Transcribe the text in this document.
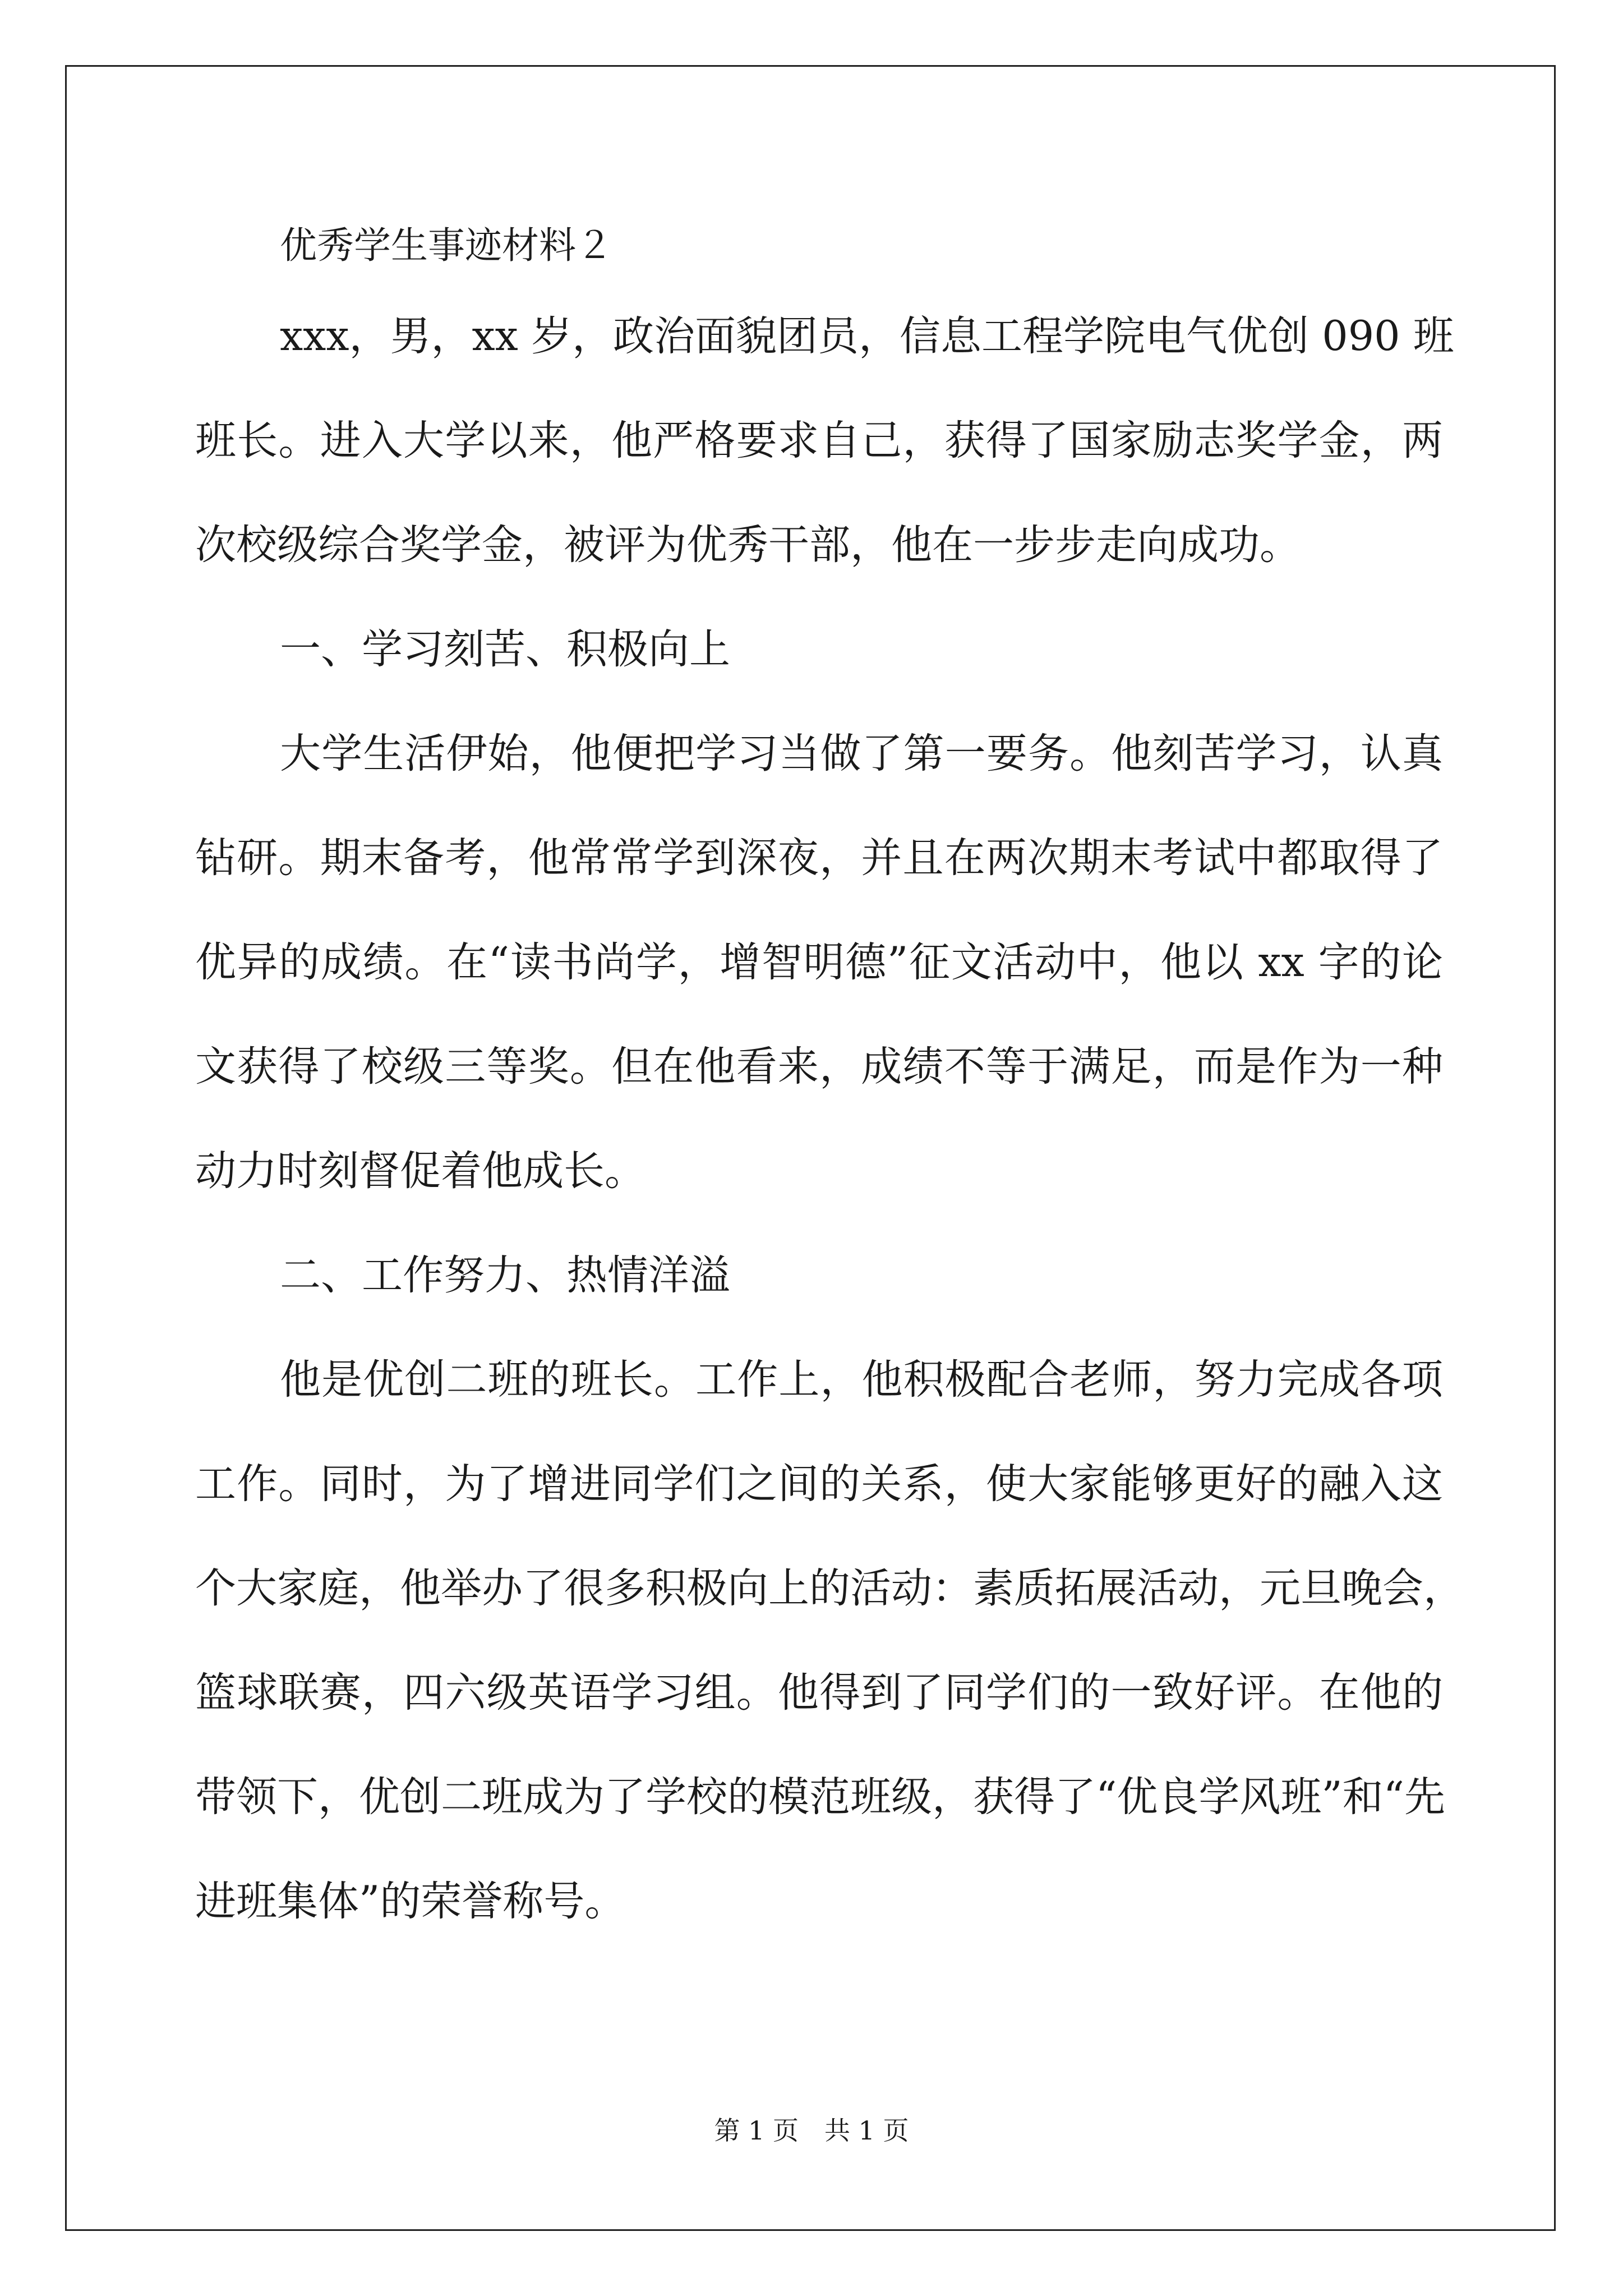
优秀学生事迹材料２
xxx，男，xx 岁，政治面貌团员，信息工程学院电气优创 090 班
班长。进入大学以来，他严格要求自己，获得了国家励志奖学金，两
次校级综合奖学金，被评为优秀干部，他在一步步走向成功。
一、学习刻苦、积极向上
大学生活伊始，他便把学习当做了第一要务。他刻苦学习，认真
钻研。期末备考，他常常学到深夜，并且在两次期末考试中都取得了
优异的成绩。在“读书尚学，增智明德”征文活动中，他以 xx 字的论
文获得了校级三等奖。但在他看来，成绩不等于满足，而是作为一种
动力时刻督促着他成长。
二、工作努力、热情洋溢
他是优创二班的班长。工作上，他积极配合老师，努力完成各项
工作。同时，为了增进同学们之间的关系，使大家能够更好的融入这
个大家庭，他举办了很多积极向上的活动：素质拓展活动，元旦晚会，
篮球联赛，四六级英语学习组。他得到了同学们的一致好评。在他的
带领下，优创二班成为了学校的模范班级，获得了“优良学风班”和“先
进班集体”的荣誉称号。
第 1 页　共 1 页
